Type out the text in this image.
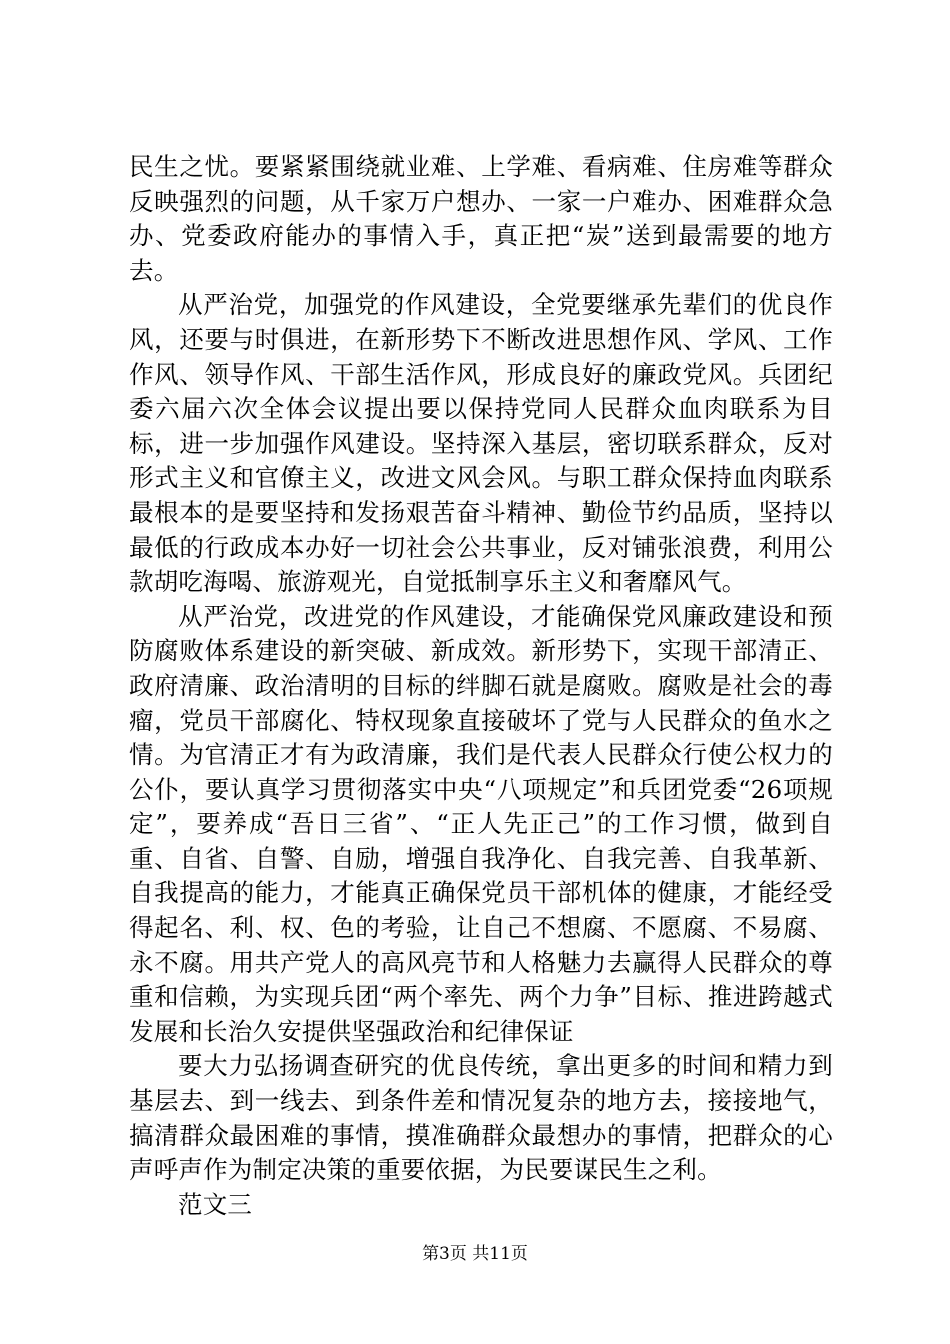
民生之忧。要紧紧围绕就业难、上学难、看病难、住房难等群众反映强烈的问题，从千家万户想办、一家一户难办、困难群众急办、党委政府能办的事情入手，真正把“炭”送到最需要的地方去。

从严治党，加强党的作风建设，全党要继承先辈们的优良作风，还要与时俱进，在新形势下不断改进思想作风、学风、工作作风、领导作风、干部生活作风，形成良好的廉政党风。兵团纪委六届六次全体会议提出要以保持党同人民群众血肉联系为目标，进一步加强作风建设。坚持深入基层，密切联系群众，反对形式主义和官僚主义，改进文风会风。与职工群众保持血肉联系最根本的是要坚持和发扬艰苦奋斗精神、勤俭节约品质，坚持以最低的行政成本办好一切社会公共事业，反对铺张浪费，利用公款胡吃海喝、旅游观光，自觉抵制享乐主义和奢靡风气。

从严治党，改进党的作风建设，才能确保党风廉政建设和预防腐败体系建设的新突破、新成效。新形势下，实现干部清正、政府清廉、政治清明的目标的绊脚石就是腐败。腐败是社会的毒瘤，党员干部腐化、特权现象直接破坏了党与人民群众的鱼水之情。为官清正才有为政清廉，我们是代表人民群众行使公权力的公仆，要认真学习贯彻落实中央“八项规定”和兵团党委“26项规定”，要养成“吾日三省”、“正人先正己”的工作习惯，做到自重、自省、自警、自励，增强自我净化、自我完善、自我革新、自我提高的能力，才能真正确保党员干部机体的健康，才能经受得起名、利、权、色的考验，让自己不想腐、不愿腐、不易腐、永不腐。用共产党人的高风亮节和人格魅力去赢得人民群众的尊重和信赖，为实现兵团“两个率先、两个力争”目标、推进跨越式发展和长治久安提供坚强政治和纪律保证

要大力弘扬调查研究的优良传统，拿出更多的时间和精力到基层去、到一线去、到条件差和情况复杂的地方去，接接地气，搞清群众最困难的事情，摸准确群众最想办的事情，把群众的心声呼声作为制定决策的重要依据，为民要谋民生之利。

范文三

第3页 共11页
